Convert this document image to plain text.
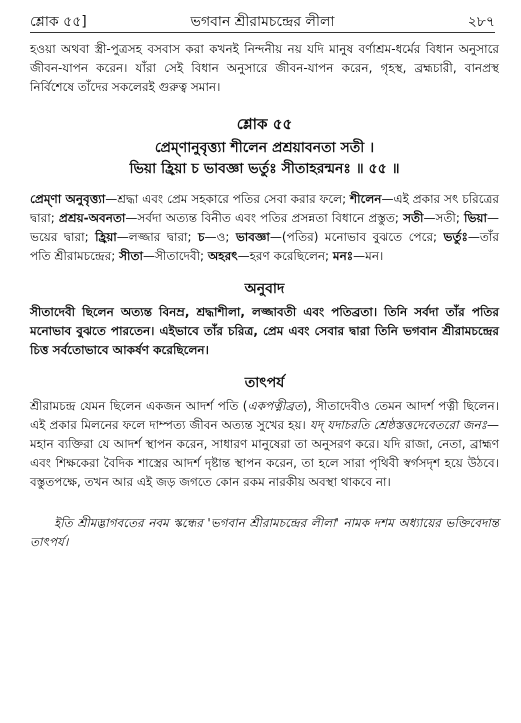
শ্লোক ৫৫]	ভগবান শ্রীরামচন্দ্রের লীলা	২৮৭

হওয়া অথবা স্ত্রী-পুত্রসহ বসবাস করা কখনই নিন্দনীয় নয় যদি মানুষ বর্ণাশ্রম-ধর্মের বিধান অনুসারে জীবন-যাপন করেন। যাঁরা সেই বিধান অনুসারে জীবন-যাপন করেন, গৃহস্থ, ব্রহ্মচারী, বানপ্রস্থ নির্বিশেষে তাঁদের সকলেরই গুরুত্ব সমান।

শ্লোক ৫৫

প্রেম্ণানুবৃত্ত্যা শীলেন প্রশ্রয়াবনতা সতী ।

ভিয়া হ্রিয়া চ ভাবজ্ঞা ভর্তুঃ সীতাহরন্মনঃ ॥ ৫৫ ॥

প্রেম্ণা অনুবৃত্ত্যা—শ্রদ্ধা এবং প্রেম সহকারে পতির সেবা করার ফলে; শীলেন—এই প্রকার সৎ চরিত্রের দ্বারা; প্রশ্রয়-অবনতা—সর্বদা অত্যন্ত বিনীত এবং পতির প্রসন্নতা বিধানে প্রস্তুত; সতী—সতী; ভিয়া—ভয়ের দ্বারা; হ্রিয়া—লজ্জার দ্বারা; চ—ও; ভাবজ্ঞা—(পতির) মনোভাব বুঝতে পেরে; ভর্তুঃ—তাঁর পতি শ্রীরামচন্দ্রের; সীতা—সীতাদেবী; অহরৎ—হরণ করেছিলেন; মনঃ—মন।

অনুবাদ

সীতাদেবী ছিলেন অত্যন্ত বিনম্র, শ্রদ্ধাশীলা, লজ্জাবতী এবং পতিব্রতা। তিনি সর্বদা তাঁর পতির মনোভাব বুঝতে পারতেন। এইভাবে তাঁর চরিত্র, প্রেম এবং সেবার দ্বারা তিনি ভগবান শ্রীরামচন্দ্রের চিত্ত সর্বতোভাবে আকর্ষণ করেছিলেন।

তাৎপর্য

শ্রীরামচন্দ্র যেমন ছিলেন একজন আদর্শ পতি (একপত্নীব্রত), সীতাদেবীও তেমন আদর্শ পত্নী ছিলেন। এই প্রকার মিলনের ফলে দাম্পত্য জীবন অত্যন্ত সুখের হয়। যদ্ যদাচরতি শ্রেষ্ঠস্তত্তদেবেতরো জনঃ—মহান ব্যক্তিরা যে আদর্শ স্থাপন করেন, সাধারণ মানুষেরা তা অনুসরণ করে। যদি রাজা, নেতা, ব্রাহ্মণ এবং শিক্ষকেরা বৈদিক শাস্ত্রের আদর্শ দৃষ্টান্ত স্থাপন করেন, তা হলে সারা পৃথিবী স্বর্গসদৃশ হয়ে উঠবে। বস্তুতপক্ষে, তখন আর এই জড় জগতে কোন রকম নারকীয় অবস্থা থাকবে না।

ইতি শ্রীমদ্ভাগবতের নবম স্কন্ধের 'ভগবান শ্রীরামচন্দ্রের লীলা' নামক দশম অধ্যায়ের ভক্তিবেদান্ত তাৎপর্য।
